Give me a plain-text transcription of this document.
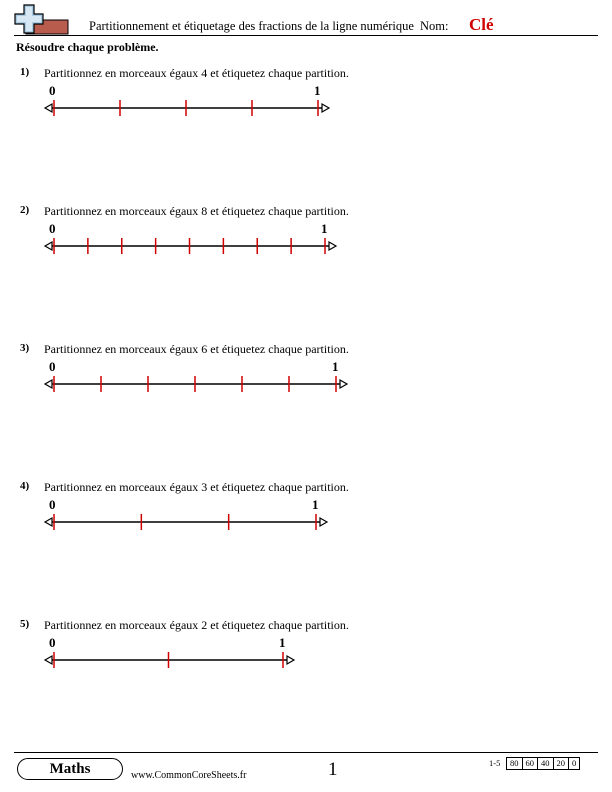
Partitionnement et étiquetage des fractions de la ligne numérique Nom: Clé
Résoudre chaque problème.
1) Partitionnez en morceaux égaux 4 et étiquetez chaque partition.
0	1
2) Partitionnez en morceaux égaux 8 et étiquetez chaque partition.
0	1
3) Partitionnez en morceaux égaux 6 et étiquetez chaque partition.
0	1
4) Partitionnez en morceaux égaux 3 et étiquetez chaque partition.
0	1
5) Partitionnez en morceaux égaux 2 et étiquetez chaque partition.
0	1
Maths	www.CommonCoreSheets.fr	1	1-5	80 60 40 20 0
